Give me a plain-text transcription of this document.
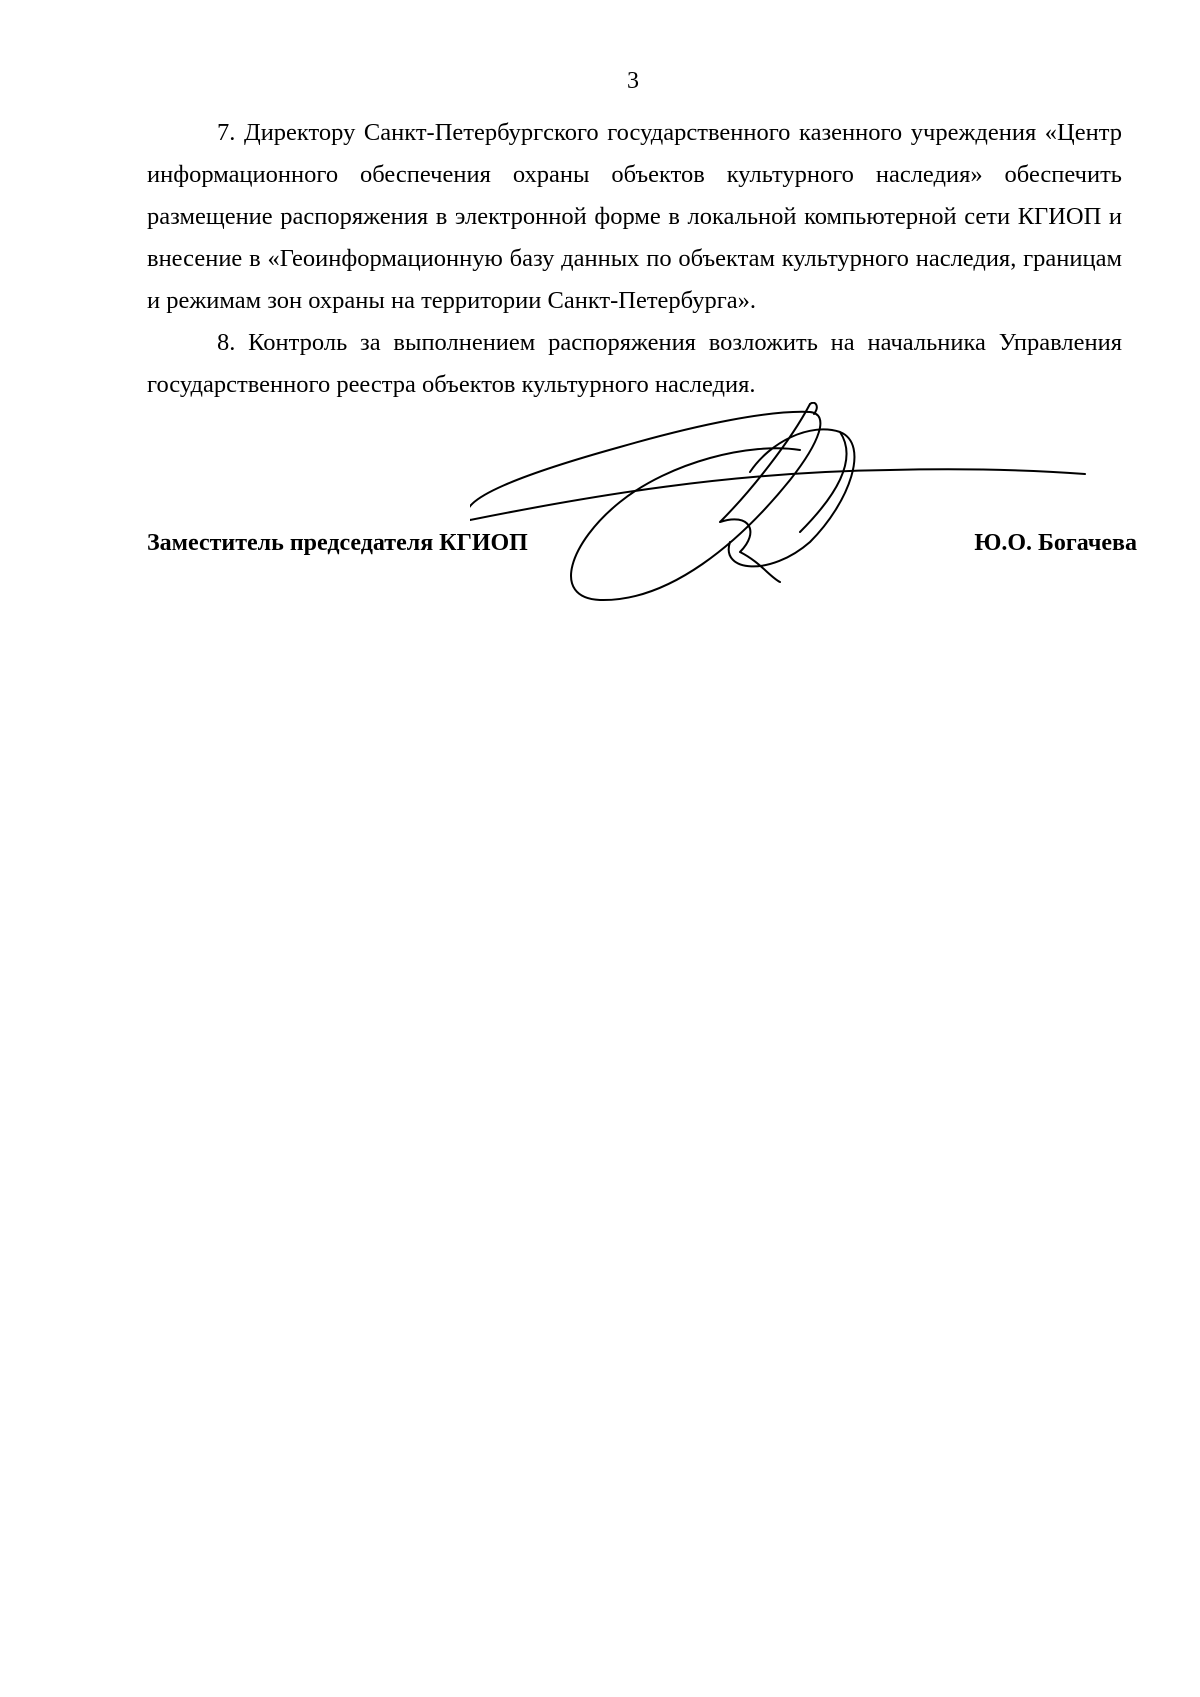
3

7. Директору Санкт-Петербургского государственного казенного учреждения «Центр информационного обеспечения охраны объектов культурного наследия» обеспечить размещение распоряжения в электронной форме в локальной компьютерной сети КГИОП и внесение в «Геоинформационную базу данных по объектам культурного наследия, границам и режимам зон охраны на территории Санкт-Петербурга».

8. Контроль за выполнением распоряжения возложить на начальника Управления государственного реестра объектов культурного наследия.

Заместитель председателя КГИОП	Ю.О. Богачева
